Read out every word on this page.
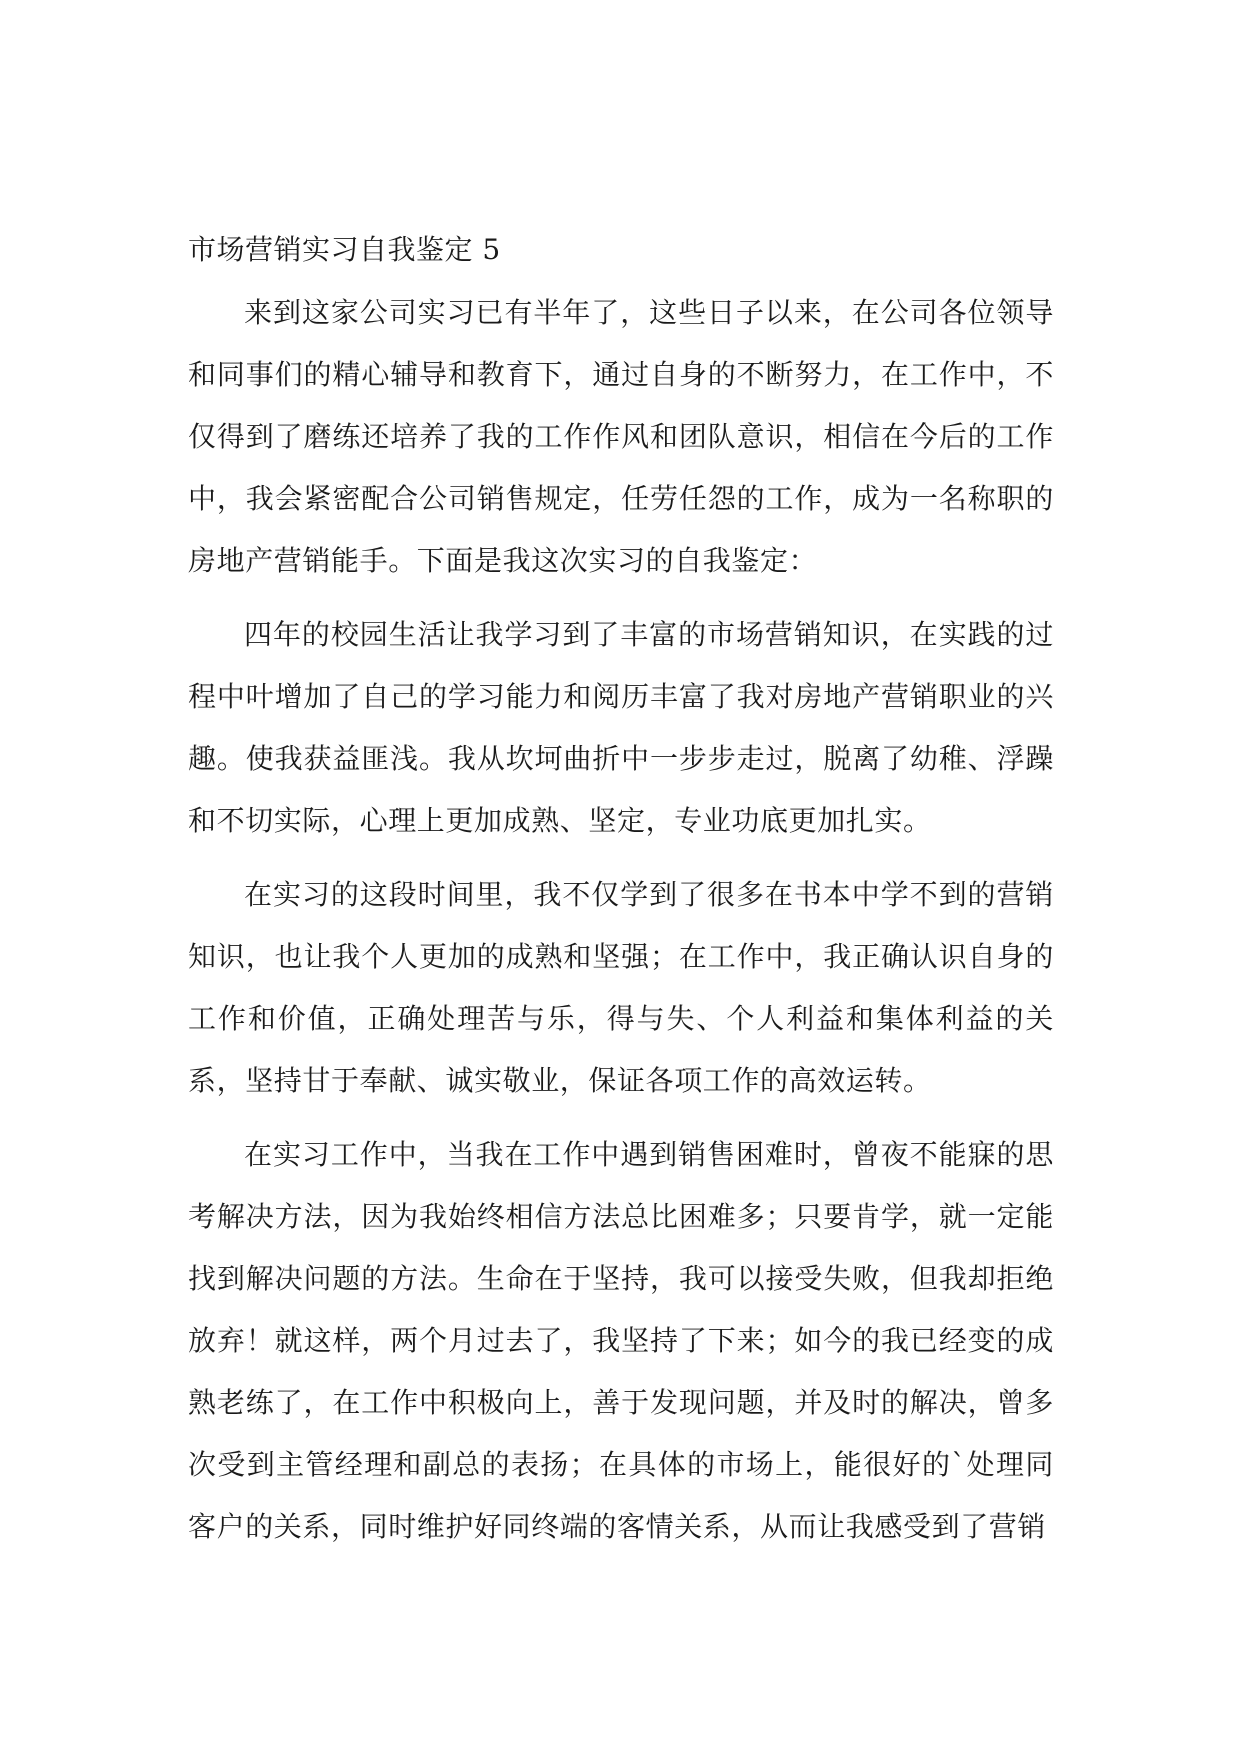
市场营销实习自我鉴定 5

来到这家公司实习已有半年了，这些日子以来，在公司各位领导和同事们的精心辅导和教育下，通过自身的不断努力，在工作中，不仅得到了磨练还培养了我的工作作风和团队意识，相信在今后的工作中，我会紧密配合公司销售规定，任劳任怨的工作，成为一名称职的房地产营销能手。下面是我这次实习的自我鉴定：

四年的校园生活让我学习到了丰富的市场营销知识，在实践的过程中叶增加了自己的学习能力和阅历丰富了我对房地产营销职业的兴趣。使我获益匪浅。我从坎坷曲折中一步步走过，脱离了幼稚、浮躁和不切实际，心理上更加成熟、坚定，专业功底更加扎实。

在实习的这段时间里，我不仅学到了很多在书本中学不到的营销知识，也让我个人更加的成熟和坚强；在工作中，我正确认识自身的工作和价值，正确处理苦与乐，得与失、个人利益和集体利益的关系，坚持甘于奉献、诚实敬业，保证各项工作的高效运转。

在实习工作中，当我在工作中遇到销售困难时，曾夜不能寐的思考解决方法，因为我始终相信方法总比困难多；只要肯学，就一定能找到解决问题的方法。生命在于坚持，我可以接受失败，但我却拒绝放弃！就这样，两个月过去了，我坚持了下来；如今的我已经变的成熟老练了，在工作中积极向上，善于发现问题，并及时的解决，曾多次受到主管经理和副总的表扬；在具体的市场上，能很好的`处理同客户的关系，同时维护好同终端的客情关系，从而让我感受到了营销
